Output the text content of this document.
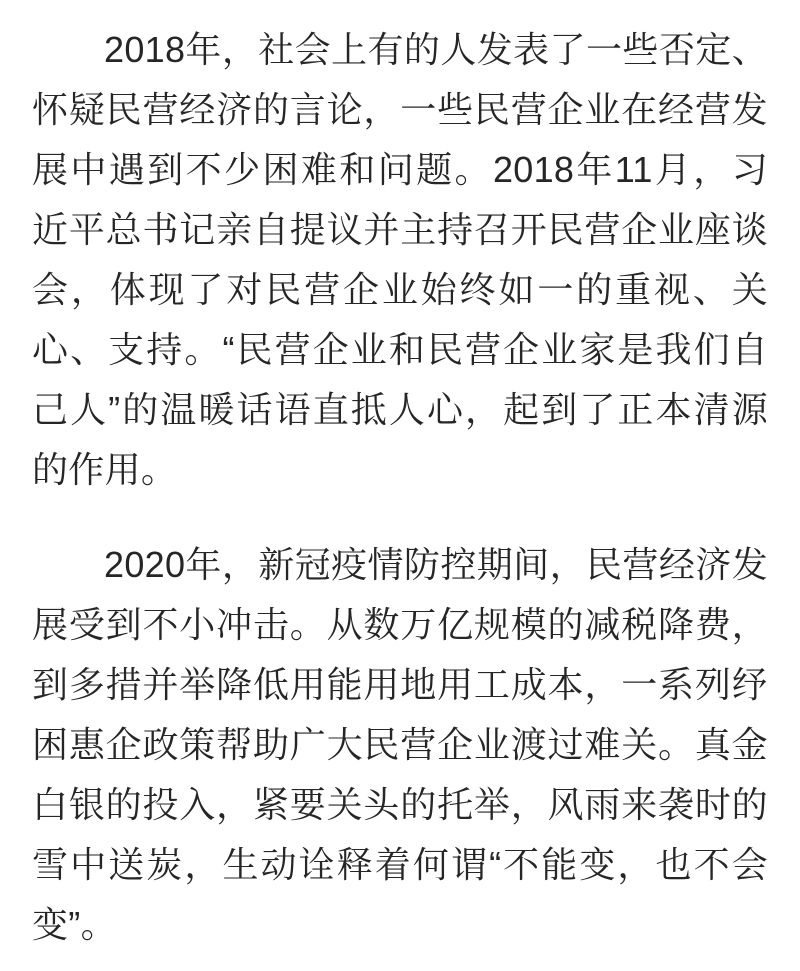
2018年，社会上有的人发表了一些否定、怀疑民营经济的言论，一些民营企业在经营发展中遇到不少困难和问题。2018年11月，习近平总书记亲自提议并主持召开民营企业座谈会，体现了对民营企业始终如一的重视、关心、支持。“民营企业和民营企业家是我们自己人”的温暖话语直抵人心，起到了正本清源的作用。

2020年，新冠疫情防控期间，民营经济发展受到不小冲击。从数万亿规模的减税降费，到多措并举降低用能用地用工成本，一系列纾困惠企政策帮助广大民营企业渡过难关。真金白银的投入，紧要关头的托举，风雨来袭时的雪中送炭，生动诠释着何谓“不能变，也不会变”。
